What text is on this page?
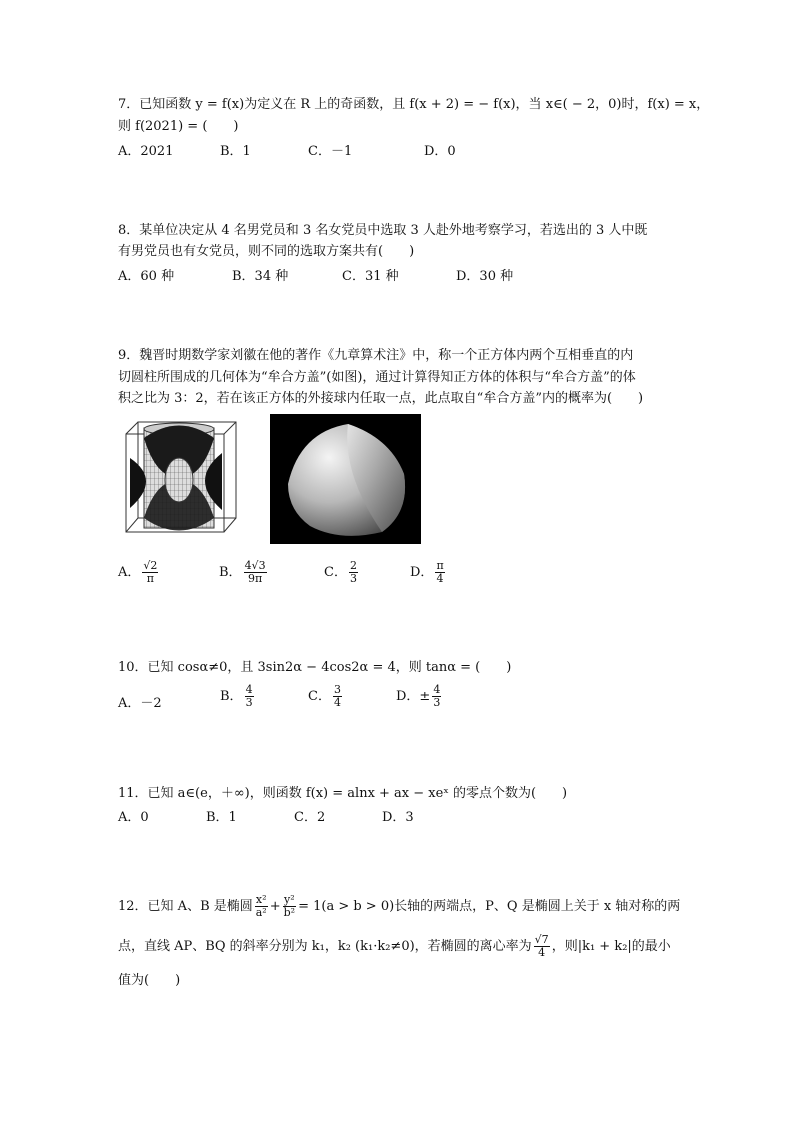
7．已知函数 y = f(x)为定义在 R 上的奇函数，且 f(x + 2) = − f(x)，当 x∈( − 2，0)时，f(x) = x，
则 f(2021) = (　　)
A．2021	B．1	C．－1	D．0
8．某单位决定从 4 名男党员和 3 名女党员中选取 3 人赴外地考察学习，若选出的 3 人中既
有男党员也有女党员，则不同的选取方案共有(　　)
A．60 种	B．34 种	C．31 种	D．30 种
9．魏晋时期数学家刘徽在他的著作《九章算术注》中，称一个正方体内两个互相垂直的内
切圆柱所围成的几何体为“牟合方盖”(如图)，通过计算得知正方体的体积与“牟合方盖”的体
积之比为 3：2，若在该正方体的外接球内任取一点，此点取自“牟合方盖”内的概率为(　　)
A． $\frac{√2}{\pi}$	B． $\frac{4√3}{9\pi}$	C． $\frac{2}{3}$	D． $\frac{\pi}{4}$
10．已知 cosα≠0，且 3sin2α − 4cos2α = 4，则 tanα = (　　)
A．－2	B． $\frac{4}{3}$	C． $\frac{3}{4}$	D．± $\frac{4}{3}$
11．已知 a∈(e，＋∞)，则函数 f(x) = alnx + ax − xeˣ 的零点个数为(　　)
A．0	B．1	C．2	D．3
12．已知 A、B 是椭圆 $\frac{\text{x²}}{\text{a²}} + \frac{\text{y²}}{\text{b²}} = 1(a > b > 0)$长轴的两端点，P、Q 是椭圆上关于 x 轴对称的两
点，直线 AP、BQ 的斜率分别为 k₁，k₂ (k₁·k₂≠0)，若椭圆的离心率为 $\frac{√7}{4}$ ，则|k₁ + k₂|的最小
值为(　　)
